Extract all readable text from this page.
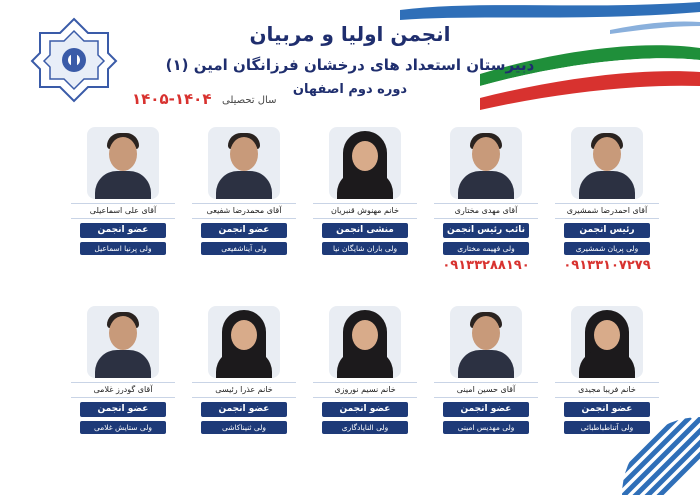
انجمن اولیا و مربیان
دبیرستان استعداد های درخشان فرزانگان امین (۱)
دوره دوم اصفهان
سال تحصیلی
۱۴۰۵-۱۴۰۴
آقای احمدرضا شمشیری
رئیس انجمن
ولی پریان شمشیری
۰۹۱۳۳۱۰۷۲۷۹
آقای مهدی مختاری
نائب رئیس انجمن
ولی فهیمه مختاری
۰۹۱۳۳۲۸۸۱۹۰
خانم مهنوش قنبریان
منشی انجمن
ولی باران شایگان نیا
آقای محمدرضا شفیعی
عضو انجمن
ولی آیناشفیعی
آقای علی اسماعیلی
عضو انجمن
ولی پرنیا اسماعیل
خانم فریبا مجیدی
عضو انجمن
ولی آتناطباطبائی
آقای حسین امینی
عضو انجمن
ولی مهدیس امینی
خانم نسیم نوروزی
عضو انجمن
ولی النایادگاری
خانم عذرا رئیسی
عضو انجمن
ولی ثنیناکاشی
آقای گودرز غلامی
عضو انجمن
ولی ستایش غلامی
